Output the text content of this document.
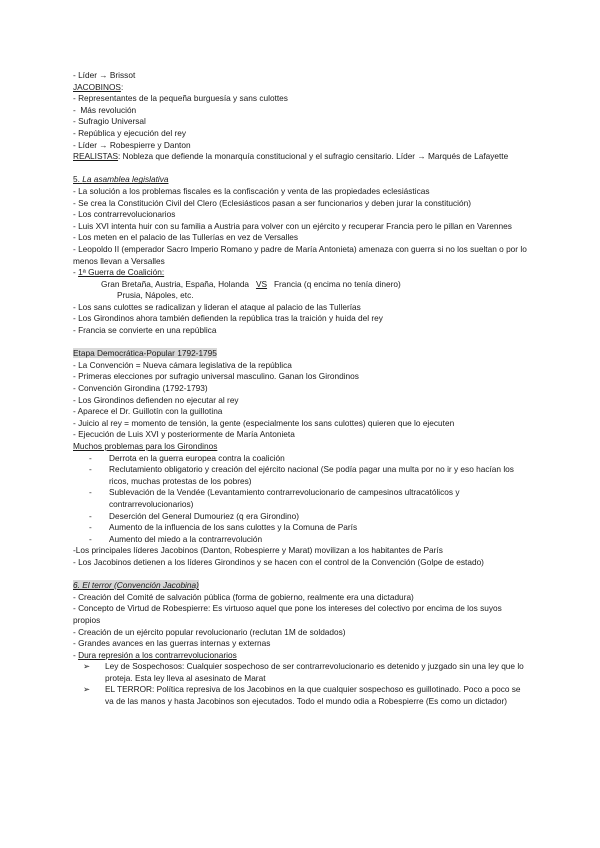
- Líder → Brissot
JACOBINOS:
- Representantes de la pequeña burguesía y sans culottes
-  Más revolución
- Sufragio Universal
- República y ejecución del rey
- Líder → Robespierre y Danton
REALISTAS: Nobleza que defiende la monarquía constitucional y el sufragio censitario. Líder → Marqués de Lafayette
5. La asamblea legislativa
- La solución a los problemas fiscales es la confiscación y venta de las propiedades eclesiásticas
- Se crea la Constitución Civil del Clero (Eclesiásticos pasan a ser funcionarios y deben jurar la constitución)
- Los contrarrevolucionarios
- Luis XVI intenta huir con su familia a Austria para volver con un ejército y recuperar Francia pero le pillan en Varennes
- Los meten en el palacio de las Tullerías en vez de Versalles
- Leopoldo II (emperador Sacro Imperio Romano y padre de María Antonieta) amenaza con guerra si no los sueltan o por lo menos llevan a Versalles
- 1ª Guerra de Coalición:
Gran Bretaña, Austria, España, Holanda   VS   Francia (q encima no tenía dinero)
Prusia, Nápoles, etc.
- Los sans culottes se radicalizan y lideran el ataque al palacio de las Tullerías
- Los Girondinos ahora también defienden la república tras la traición y huida del rey
- Francia se convierte en una república
Etapa Democrática-Popular 1792-1795
- La Convención = Nueva cámara legislativa de la república
- Primeras elecciones por sufragio universal masculino. Ganan los Girondinos
- Convención Girondina (1792-1793)
- Los Girondinos defienden no ejecutar al rey
- Aparece el Dr. Guillotín con la guillotina
- Juicio al rey = momento de tensión, la gente (especialmente los sans culottes) quieren que lo ejecuten
- Ejecución de Luis XVI y posteriormente de María Antonieta
Muchos problemas para los Girondinos
- Derrota en la guerra europea contra la coalición
- Reclutamiento obligatorio y creación del ejército nacional (Se podía pagar una multa por no ir y eso hacían los ricos, muchas protestas de los pobres)
- Sublevación de la Vendée (Levantamiento contrarrevolucionario de campesinos ultracatólicos y contrarrevolucionarios)
- Deserción del General Dumouriez (q era Girondino)
- Aumento de la influencia de los sans culottes y la Comuna de París
- Aumento del miedo a la contrarrevolución
-Los principales líderes Jacobinos (Danton, Robespierre y Marat) movilizan a los habitantes de París
- Los Jacobinos detienen a los líderes Girondinos y se hacen con el control de la Convención (Golpe de estado)
6. El terror (Convención Jacobina)
- Creación del Comité de salvación pública (forma de gobierno, realmente era una dictadura)
- Concepto de Virtud de Robespierre: Es virtuoso aquel que pone los intereses del colectivo por encima de los suyos propios
- Creación de un ejército popular revolucionario (reclutan 1M de soldados)
- Grandes avances en las guerras internas y externas
- Dura represión a los contrarrevolucionarios
➢ Ley de Sospechosos: Cualquier sospechoso de ser contrarrevolucionario es detenido y juzgado sin una ley que lo proteja. Esta ley lleva al asesinato de Marat
➢ EL TERROR: Política represiva de los Jacobinos en la que cualquier sospechoso es guillotinado. Poco a poco se va de las manos y hasta Jacobinos son ejecutados. Todo el mundo odia a Robespierre (Es como un dictador)
